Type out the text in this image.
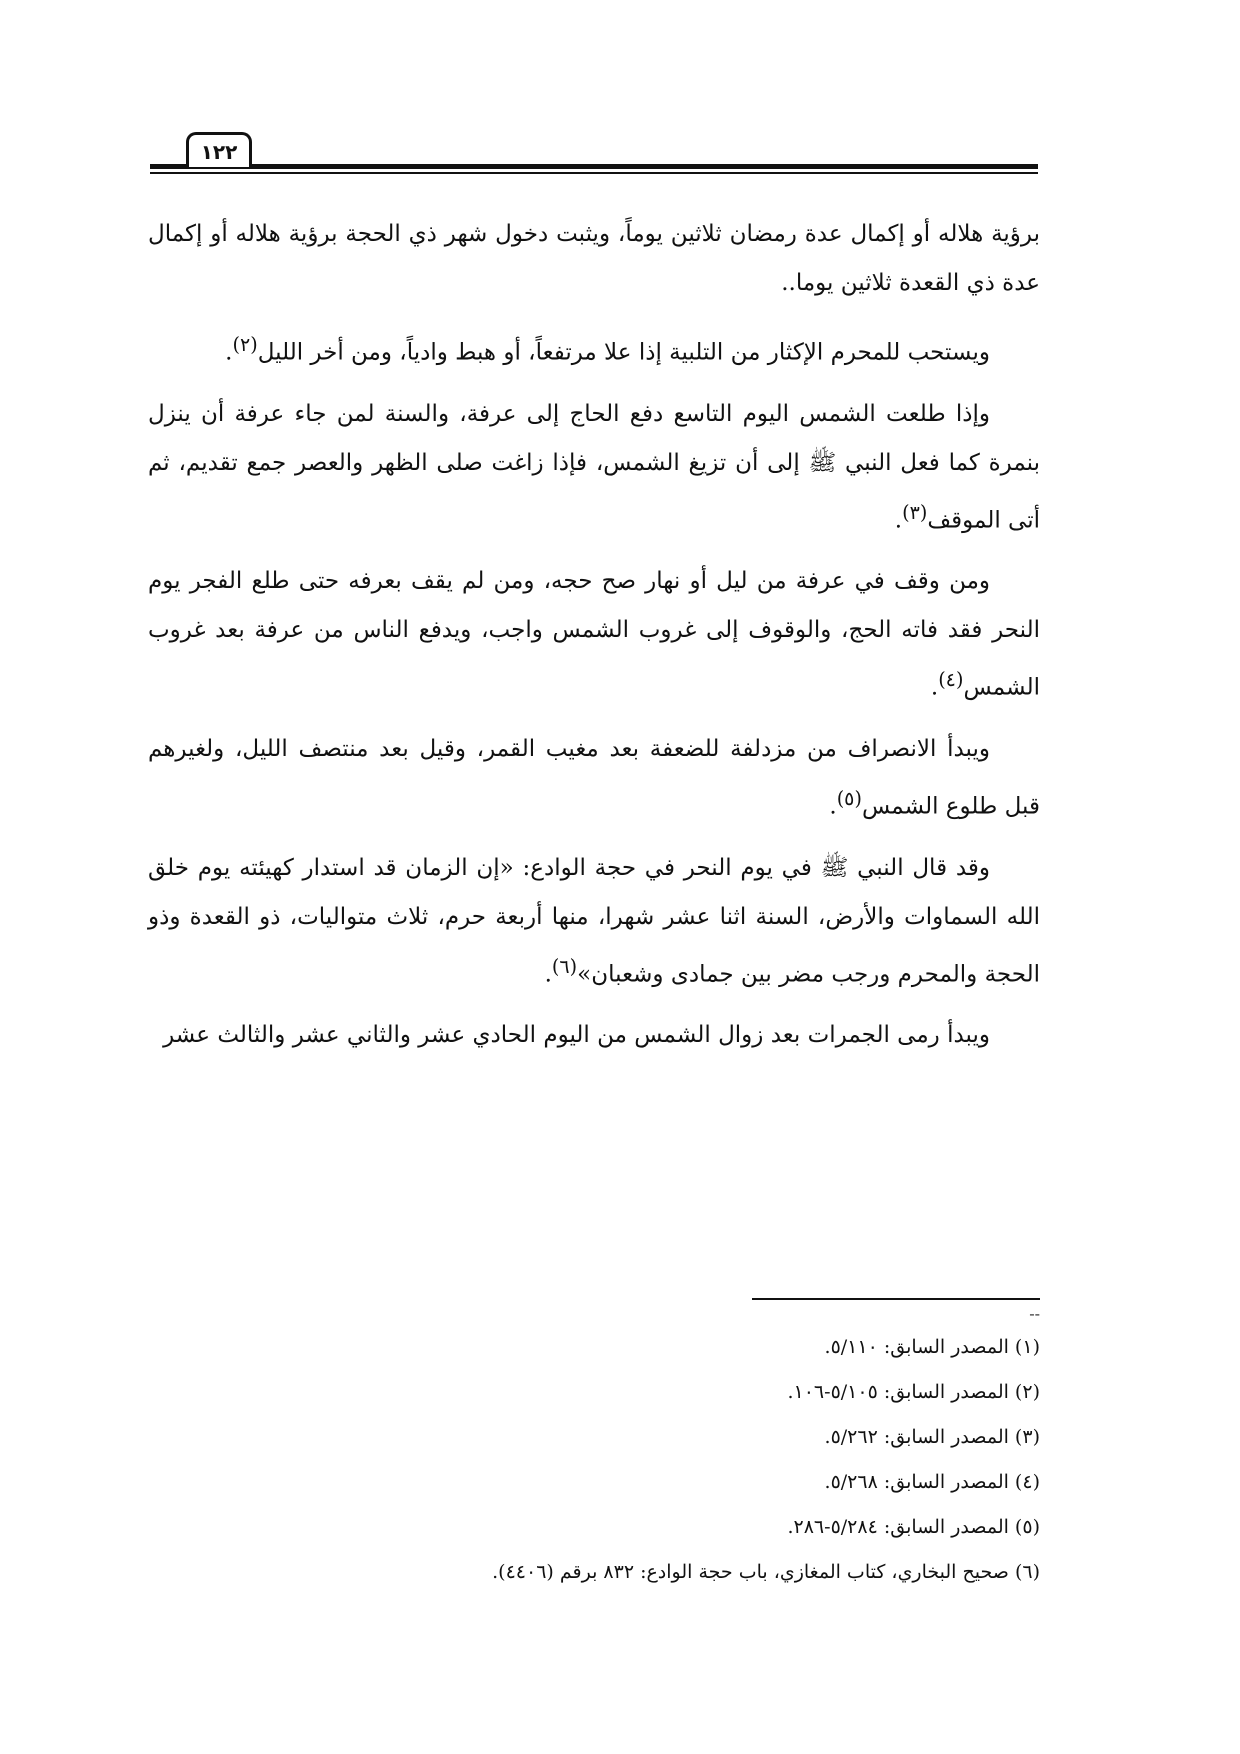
١٢٢

برؤية هلاله أو إكمال عدة رمضان ثلاثين يوماً، ويثبت دخول شهر ذي الحجة برؤية هلاله أو إكمال عدة ذي القعدة ثلاثين يوما..

ويستحب للمحرم الإكثار من التلبية إذا علا مرتفعاً، أو هبط وادياً، ومن أخر الليل$^{(٢)}$.

وإذا طلعت الشمس اليوم التاسع دفع الحاج إلى عرفة، والسنة لمن جاء عرفة أن ينزل بنمرة كما فعل النبي ﷺ إلى أن تزيغ الشمس، فإذا زاغت صلى الظهر والعصر جمع تقديم، ثم أتى الموقف$^{(٣)}$.

ومن وقف في عرفة من ليل أو نهار صح حجه، ومن لم يقف بعرفه حتى طلع الفجر يوم النحر فقد فاته الحج، والوقوف إلى غروب الشمس واجب، ويدفع الناس من عرفة بعد غروب الشمس$^{(٤)}$.

ويبدأ الانصراف من مزدلفة للضعفة بعد مغيب القمر، وقيل بعد منتصف الليل، ولغيرهم قبل طلوع الشمس$^{(٥)}$.

وقد قال النبي ﷺ في يوم النحر في حجة الوادع: «إن الزمان قد استدار كهيئته يوم خلق الله السماوات والأرض، السنة اثنا عشر شهرا، منها أربعة حرم، ثلاث متواليات، ذو القعدة وذو الحجة والمحرم ورجب مضر بين جمادى وشعبان»$^{(٦)}$.

ويبدأ رمى الجمرات بعد زوال الشمس من اليوم الحادي عشر والثاني عشر والثالث عشر

--

(١) المصدر السابق: ٥/١١٠.

(٢) المصدر السابق: ٥/١٠٥-١٠٦.

(٣) المصدر السابق: ٥/٢٦٢.

(٤) المصدر السابق: ٥/٢٦٨.

(٥) المصدر السابق: ٥/٢٨٤-٢٨٦.

(٦) صحيح البخاري، كتاب المغازي، باب حجة الوادع: ٨٣٢ برقم (٤٤٠٦).
